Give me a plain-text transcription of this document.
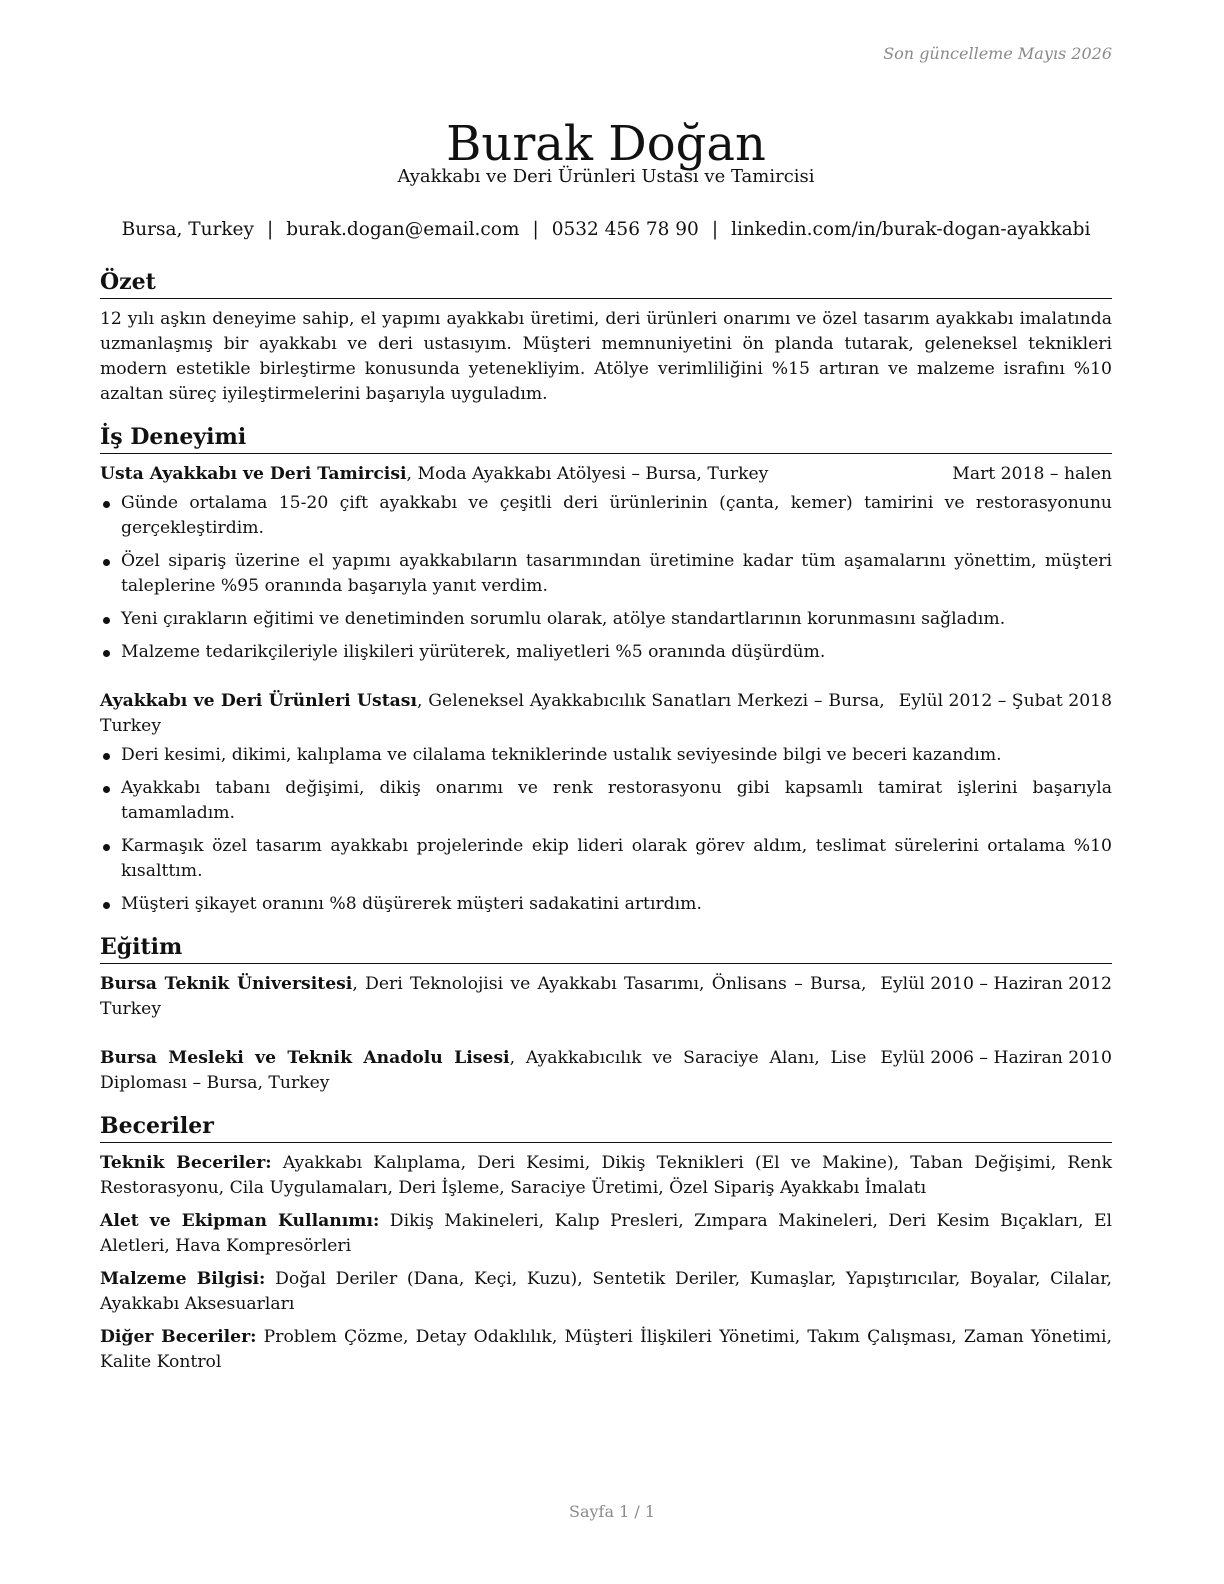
Son güncelleme Mayıs 2026
Burak Doğan
Ayakkabı ve Deri Ürünleri Ustası ve Tamircisi
Bursa, Turkey | burak.dogan@email.com | 0532 456 78 90 | linkedin.com/in/burak-dogan-ayakkabi
Özet

12 yılı aşkın deneyime sahip, el yapımı ayakkabı üretimi, deri ürünleri onarımı ve özel tasarım ayakkabı imalatında uzmanlaşmış bir ayakkabı ve deri ustasıyım. Müşteri memnuniyetini ön planda tutarak, geleneksel teknikleri modern estetikle birleştirme konusunda yetenekliyim. Atölye verimliliğini %15 artıran ve malzeme israfını %10 azaltan süreç iyileştirmelerini başarıyla uyguladım.

İş Deneyimi
Usta Ayakkabı ve Deri Tamircisi, Moda Ayakkabı Atölyesi – Bursa, Turkey	Mart 2018 – halen
Günde ortalama 15-20 çift ayakkabı ve çeşitli deri ürünlerinin (çanta, kemer) tamirini ve restorasyonunu gerçekleştirdim.
Özel sipariş üzerine el yapımı ayakkabıların tasarımından üretimine kadar tüm aşamalarını yönettim, müşteri taleplerine %95 oranında başarıyla yanıt verdim.
Yeni çırakların eğitimi ve denetiminden sorumlu olarak, atölye standartlarının korunmasını sağladım.
Malzeme tedarikçileriyle ilişkileri yürüterek, maliyetleri %5 oranında düşürdüm.
Ayakkabı ve Deri Ürünleri Ustası, Geleneksel Ayakkabıcılık Sanatları Merkezi – Bursa, Turkey
Eylül 2012 – Şubat 2018
Deri kesimi, dikimi, kalıplama ve cilalama tekniklerinde ustalık seviyesinde bilgi ve beceri kazandım.
Ayakkabı tabanı değişimi, dikiş onarımı ve renk restorasyonu gibi kapsamlı tamirat işlerini başarıyla tamamladım.
Karmaşık özel tasarım ayakkabı projelerinde ekip lideri olarak görev aldım, teslimat sürelerini ortalama %10 kısalttım.
Müşteri şikayet oranını %8 düşürerek müşteri sadakatini artırdım.
Eğitim
Bursa Teknik Üniversitesi, Deri Teknolojisi ve Ayakkabı Tasarımı, Önlisans – Bursa, Turkey
Eylül 2010 – Haziran 2012
Bursa Mesleki ve Teknik Anadolu Lisesi, Ayakkabıcılık ve Saraciye Alanı, Lise Diploması – Bursa, Turkey
Eylül 2006 – Haziran 2010
Beceriler
Teknik Beceriler: Ayakkabı Kalıplama, Deri Kesimi, Dikiş Teknikleri (El ve Makine), Taban Değişimi, Renk Restorasyonu, Cila Uygulamaları, Deri İşleme, Saraciye Üretimi, Özel Sipariş Ayakkabı İmalatı
Alet ve Ekipman Kullanımı: Dikiş Makineleri, Kalıp Presleri, Zımpara Makineleri, Deri Kesim Bıçakları, El Aletleri, Hava Kompresörleri
Malzeme Bilgisi: Doğal Deriler (Dana, Keçi, Kuzu), Sentetik Deriler, Kumaşlar, Yapıştırıcılar, Boyalar, Cilalar, Ayakkabı Aksesuarları
Diğer Beceriler: Problem Çözme, Detay Odaklılık, Müşteri İlişkileri Yönetimi, Takım Çalışması, Zaman Yönetimi, Kalite Kontrol
Sayfa 1 / 1
